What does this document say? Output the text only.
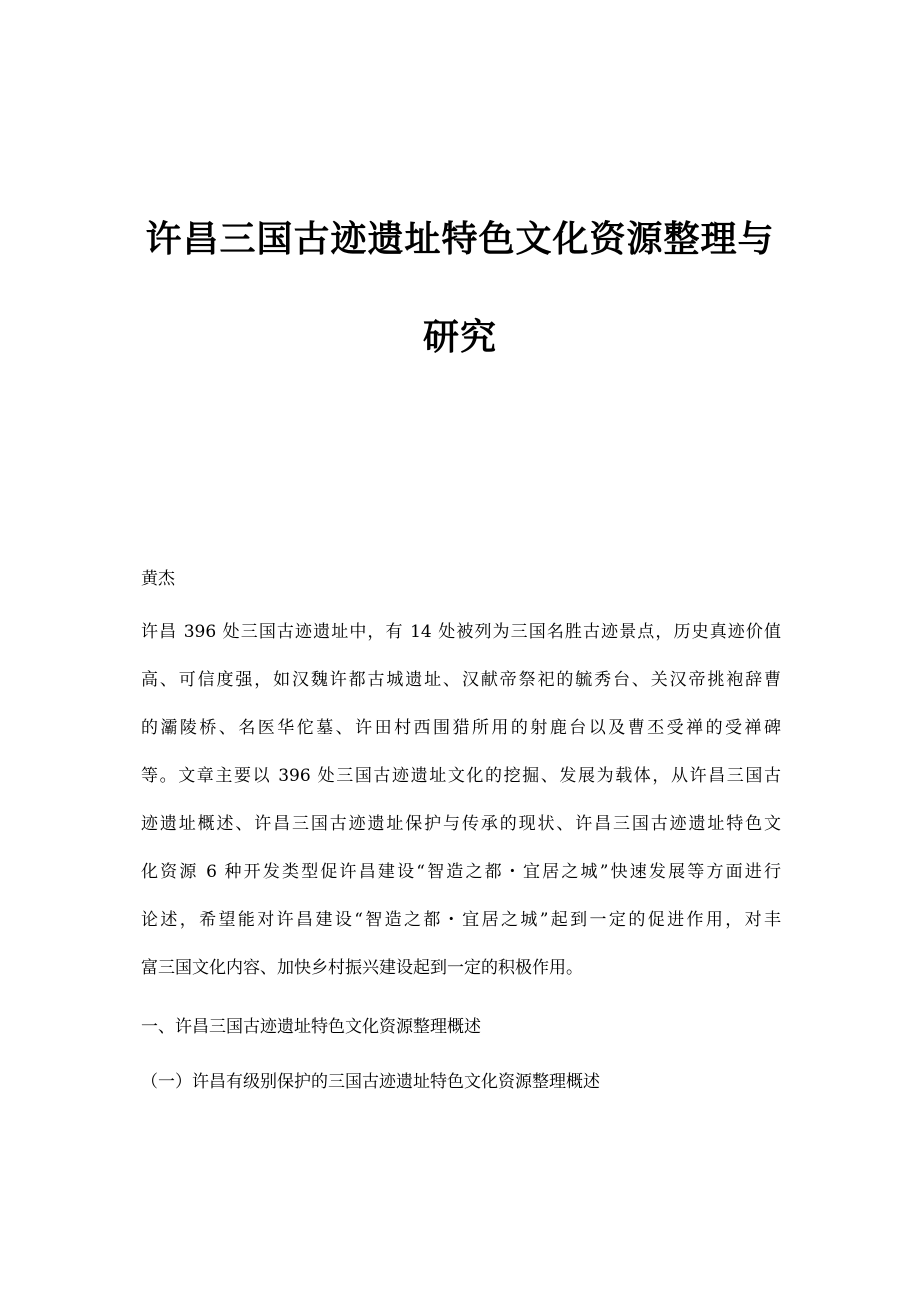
许昌三国古迹遗址特色文化资源整理与
研究
黄杰
许昌 396 处三国古迹遗址中，有 14 处被列为三国名胜古迹景点，历史真迹价值
高、可信度强，如汉魏许都古城遗址、汉献帝祭祀的毓秀台、关汉帝挑袍辞曹
的灞陵桥、名医华佗墓、许田村西围猎所用的射鹿台以及曹丕受禅的受禅碑
等。文章主要以 396 处三国古迹遗址文化的挖掘、发展为载体，从许昌三国古
迹遗址概述、许昌三国古迹遗址保护与传承的现状、许昌三国古迹遗址特色文
化资源 6 种开发类型促许昌建设“智造之都・宜居之城”快速发展等方面进行
论述，希望能对许昌建设“智造之都・宜居之城”起到一定的促进作用，对丰
富三国文化内容、加快乡村振兴建设起到一定的积极作用。
一、许昌三国古迹遗址特色文化资源整理概述
（一）许昌有级别保护的三国古迹遗址特色文化资源整理概述
